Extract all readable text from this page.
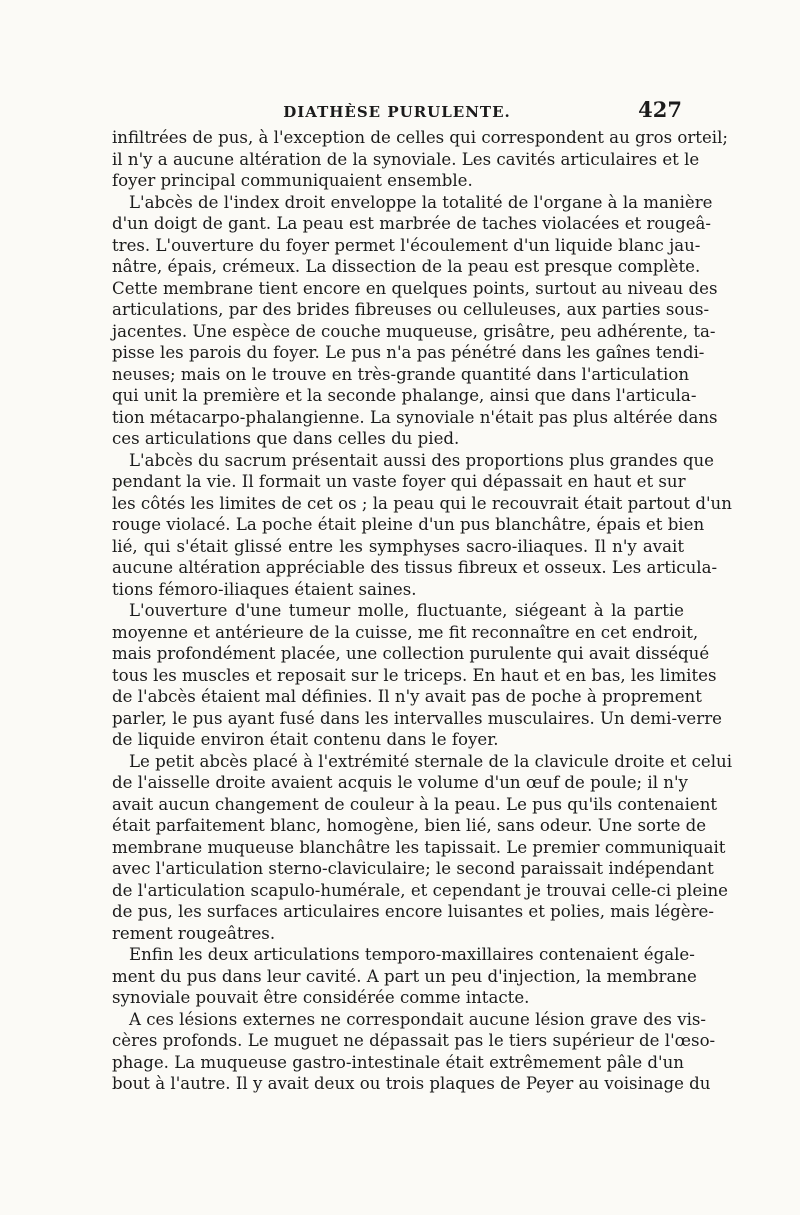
DIATHÈSE PURULENTE.	427
infiltrées de pus, à l'exception de celles qui correspondent au gros orteil;
il n'y a aucune altération de la synoviale. Les cavités articulaires et le
foyer principal communiquaient ensemble.
L'abcès de l'index droit enveloppe la totalité de l'organe à la manière
d'un doigt de gant. La peau est marbrée de taches violacées et rougeâ-
tres. L'ouverture du foyer permet l'écoulement d'un liquide blanc jau-
nâtre, épais, crémeux. La dissection de la peau est presque complète.
Cette membrane tient encore en quelques points, surtout au niveau des
articulations, par des brides fibreuses ou celluleuses, aux parties sous-
jacentes. Une espèce de couche muqueuse, grisâtre, peu adhérente, ta-
pisse les parois du foyer. Le pus n'a pas pénétré dans les gaînes tendi-
neuses; mais on le trouve en très-grande quantité dans l'articulation
qui unit la première et la seconde phalange, ainsi que dans l'articula-
tion métacarpo-phalangienne. La synoviale n'était pas plus altérée dans
ces articulations que dans celles du pied.
L'abcès du sacrum présentait aussi des proportions plus grandes que
pendant la vie. Il formait un vaste foyer qui dépassait en haut et sur
les côtés les limites de cet os ; la peau qui le recouvrait était partout d'un
rouge violacé. La poche était pleine d'un pus blanchâtre, épais et bien
lié, qui s'était glissé entre les symphyses sacro-iliaques. Il n'y avait
aucune altération appréciable des tissus fibreux et osseux. Les articula-
tions fémoro-iliaques étaient saines.
L'ouverture d'une tumeur molle, fluctuante, siégeant à la partie
moyenne et antérieure de la cuisse, me fit reconnaître en cet endroit,
mais profondément placée, une collection purulente qui avait disséqué
tous les muscles et reposait sur le triceps. En haut et en bas, les limites
de l'abcès étaient mal définies. Il n'y avait pas de poche à proprement
parler, le pus ayant fusé dans les intervalles musculaires. Un demi-verre
de liquide environ était contenu dans le foyer.
Le petit abcès placé à l'extrémité sternale de la clavicule droite et celui
de l'aisselle droite avaient acquis le volume d'un œuf de poule; il n'y
avait aucun changement de couleur à la peau. Le pus qu'ils contenaient
était parfaitement blanc, homogène, bien lié, sans odeur. Une sorte de
membrane muqueuse blanchâtre les tapissait. Le premier communiquait
avec l'articulation sterno-claviculaire; le second paraissait indépendant
de l'articulation scapulo-humérale, et cependant je trouvai celle-ci pleine
de pus, les surfaces articulaires encore luisantes et polies, mais légère-
rement rougeâtres.
Enfin les deux articulations temporo-maxillaires contenaient égale-
ment du pus dans leur cavité. A part un peu d'injection, la membrane
synoviale pouvait être considérée comme intacte.
A ces lésions externes ne correspondait aucune lésion grave des vis-
cères profonds. Le muguet ne dépassait pas le tiers supérieur de l'œso-
phage. La muqueuse gastro-intestinale était extrêmement pâle d'un
bout à l'autre. Il y avait deux ou trois plaques de Peyer au voisinage du
